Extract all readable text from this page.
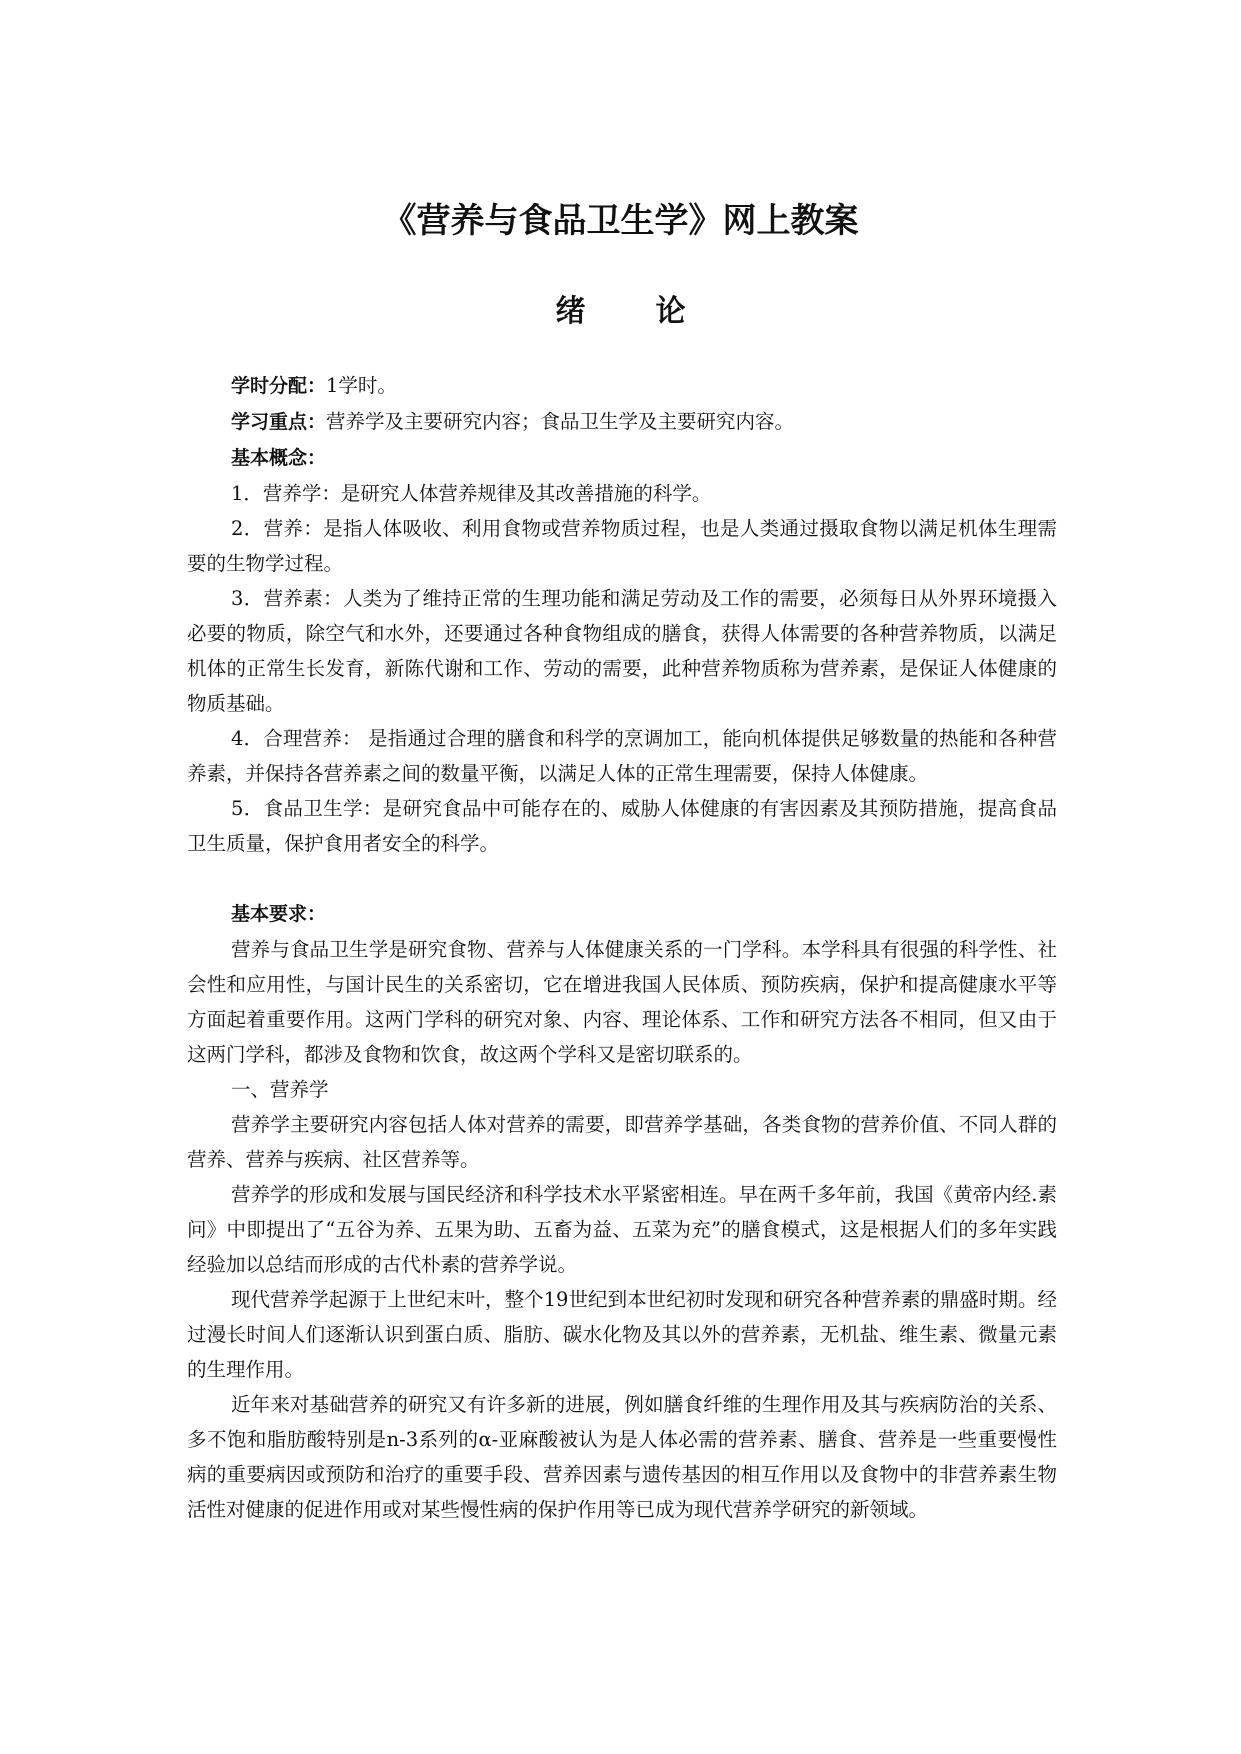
《营养与食品卫生学》网上教案
绪论

学时分配：1学时。

学习重点：营养学及主要研究内容；食品卫生学及主要研究内容。

基本概念：

1．营养学：是研究人体营养规律及其改善措施的科学。

2．营养：是指人体吸收、利用食物或营养物质过程，也是人类通过摄取食物以满足机体生理需要的生物学过程。

3．营养素：人类为了维持正常的生理功能和满足劳动及工作的需要，必须每日从外界环境摄入必要的物质，除空气和水外，还要通过各种食物组成的膳食，获得人体需要的各种营养物质，以满足机体的正常生长发育，新陈代谢和工作、劳动的需要，此种营养物质称为营养素，是保证人体健康的物质基础。

4．合理营养： 是指通过合理的膳食和科学的烹调加工，能向机体提供足够数量的热能和各种营养素，并保持各营养素之间的数量平衡，以满足人体的正常生理需要，保持人体健康。

5．食品卫生学：是研究食品中可能存在的、威胁人体健康的有害因素及其预防措施，提高食品卫生质量，保护食用者安全的科学。

基本要求：

营养与食品卫生学是研究食物、营养与人体健康关系的一门学科。本学科具有很强的科学性、社会性和应用性，与国计民生的关系密切，它在增进我国人民体质、预防疾病，保护和提高健康水平等方面起着重要作用。这两门学科的研究对象、内容、理论体系、工作和研究方法各不相同，但又由于这两门学科，都涉及食物和饮食，故这两个学科又是密切联系的。

一、营养学

营养学主要研究内容包括人体对营养的需要，即营养学基础，各类食物的营养价值、不同人群的营养、营养与疾病、社区营养等。

营养学的形成和发展与国民经济和科学技术水平紧密相连。早在两千多年前，我国《黄帝内经.素问》中即提出了“五谷为养、五果为助、五畜为益、五菜为充”的膳食模式，这是根据人们的多年实践经验加以总结而形成的古代朴素的营养学说。

现代营养学起源于上世纪末叶，整个19世纪到本世纪初时发现和研究各种营养素的鼎盛时期。经过漫长时间人们逐渐认识到蛋白质、脂肪、碳水化物及其以外的营养素，无机盐、维生素、微量元素的生理作用。

近年来对基础营养的研究又有许多新的进展，例如膳食纤维的生理作用及其与疾病防治的关系、多不饱和脂肪酸特别是n-3系列的α-亚麻酸被认为是人体必需的营养素、膳食、营养是一些重要慢性病的重要病因或预防和治疗的重要手段、营养因素与遗传基因的相互作用以及食物中的非营养素生物活性对健康的促进作用或对某些慢性病的保护作用等已成为现代营养学研究的新领域。
